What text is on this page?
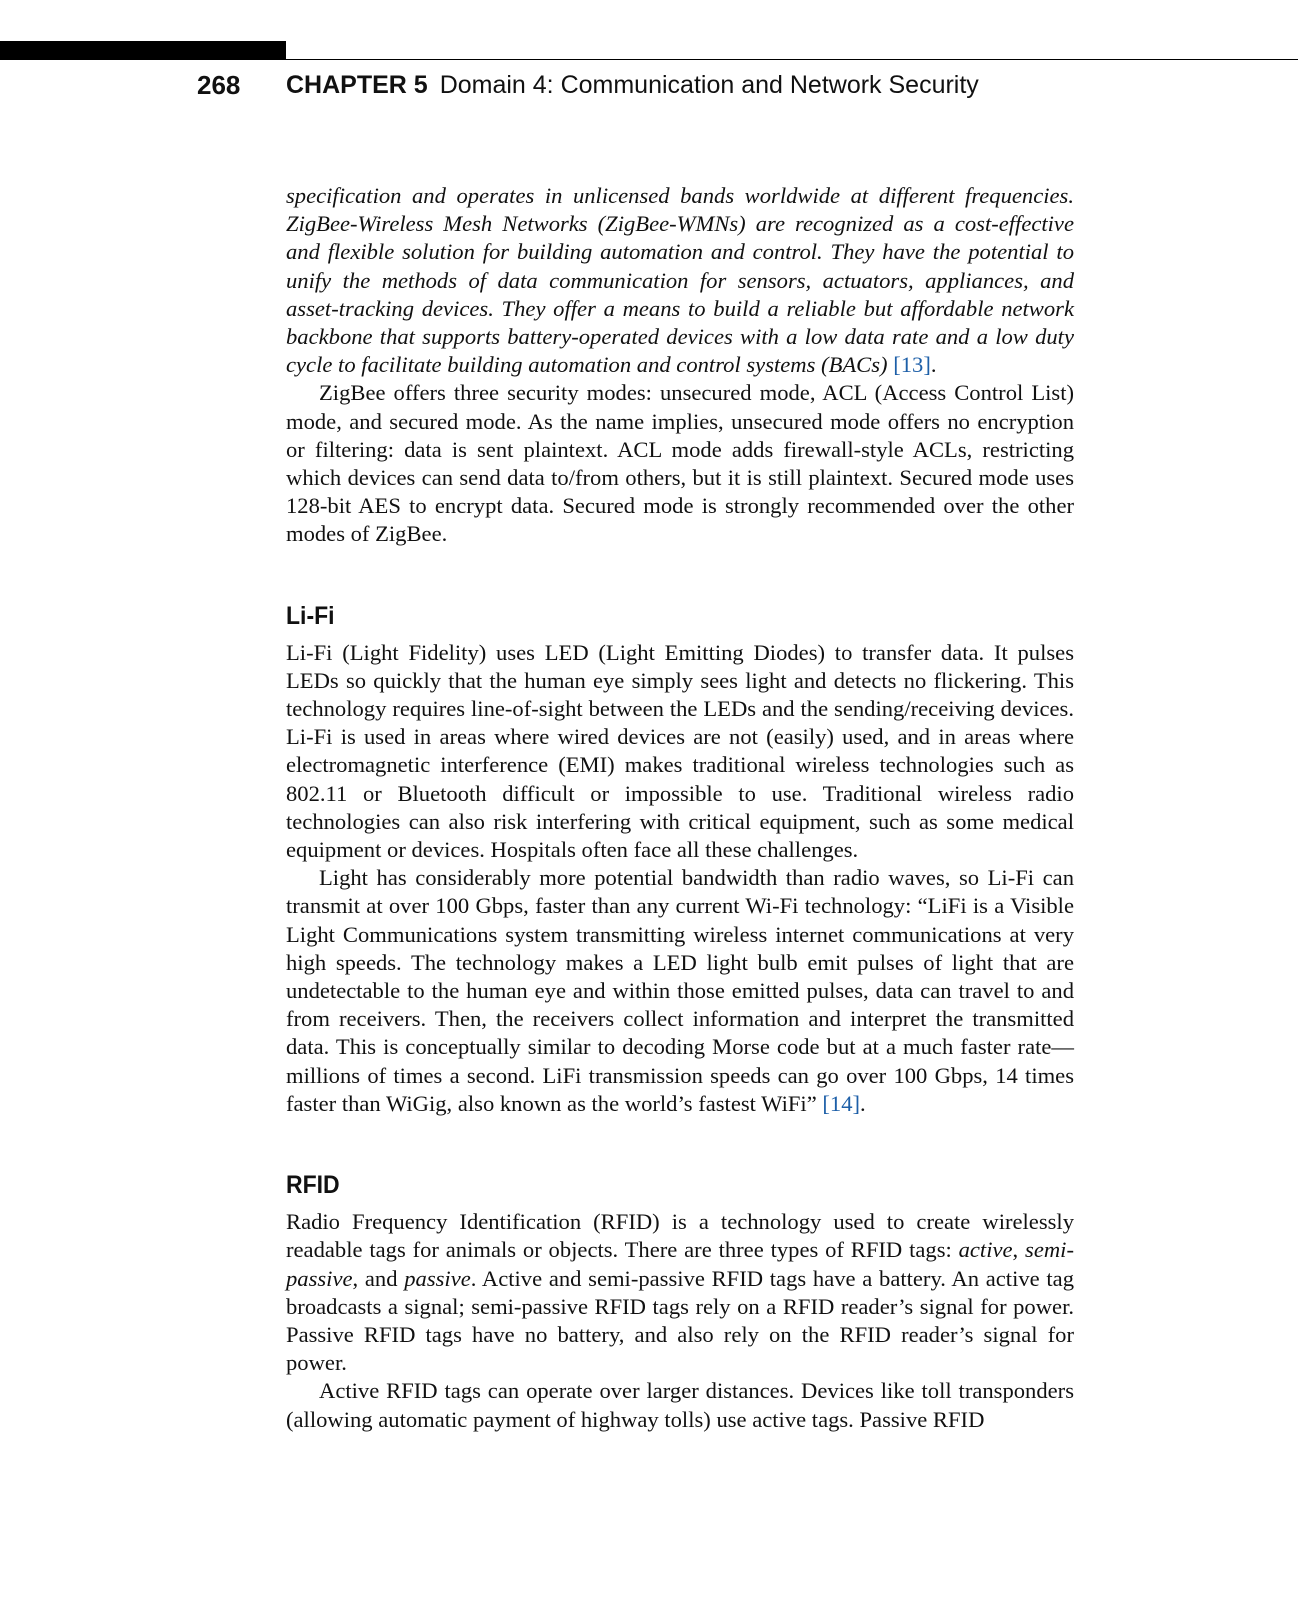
268 CHAPTER 5 Domain 4: Communication and Network Security

specification and operates in unlicensed bands worldwide at different frequencies. ZigBee-Wireless Mesh Networks (ZigBee-WMNs) are recognized as a cost-effective and flexible solution for building automation and control. They have the potential to unify the methods of data communication for sensors, actuators, appliances, and asset-tracking devices. They offer a means to build a reliable but affordable network backbone that supports battery-operated devices with a low data rate and a low duty cycle to facilitate building automation and control systems (BACs) [13].

ZigBee offers three security modes: unsecured mode, ACL (Access Control List) mode, and secured mode. As the name implies, unsecured mode offers no encryption or filtering: data is sent plaintext. ACL mode adds firewall-style ACLs, restricting which devices can send data to/from others, but it is still plaintext. Secured mode uses 128-bit AES to encrypt data. Secured mode is strongly recommended over the other modes of ZigBee.

Li-Fi

Li-Fi (Light Fidelity) uses LED (Light Emitting Diodes) to transfer data. It pulses LEDs so quickly that the human eye simply sees light and detects no flickering. This technology requires line-of-sight between the LEDs and the sending/receiving devices. Li-Fi is used in areas where wired devices are not (easily) used, and in areas where electromagnetic interference (EMI) makes traditional wireless technologies such as 802.11 or Bluetooth difficult or impossible to use. Traditional wireless radio technologies can also risk interfering with critical equipment, such as some medical equipment or devices. Hospitals often face all these challenges.

Light has considerably more potential bandwidth than radio waves, so Li-Fi can transmit at over 100 Gbps, faster than any current Wi-Fi technology: “LiFi is a Visible Light Communications system transmitting wireless internet communications at very high speeds. The technology makes a LED light bulb emit pulses of light that are undetectable to the human eye and within those emitted pulses, data can travel to and from receivers. Then, the receivers collect information and interpret the transmitted data. This is conceptually similar to decoding Morse code but at a much faster rate—millions of times a second. LiFi transmission speeds can go over 100 Gbps, 14 times faster than WiGig, also known as the world’s fastest WiFi” [14].

RFID

Radio Frequency Identification (RFID) is a technology used to create wirelessly readable tags for animals or objects. There are three types of RFID tags: active, semi-passive, and passive. Active and semi-passive RFID tags have a battery. An active tag broadcasts a signal; semi-passive RFID tags rely on a RFID reader’s signal for power. Passive RFID tags have no battery, and also rely on the RFID reader’s signal for power.

Active RFID tags can operate over larger distances. Devices like toll transponders (allowing automatic payment of highway tolls) use active tags. Passive RFID
